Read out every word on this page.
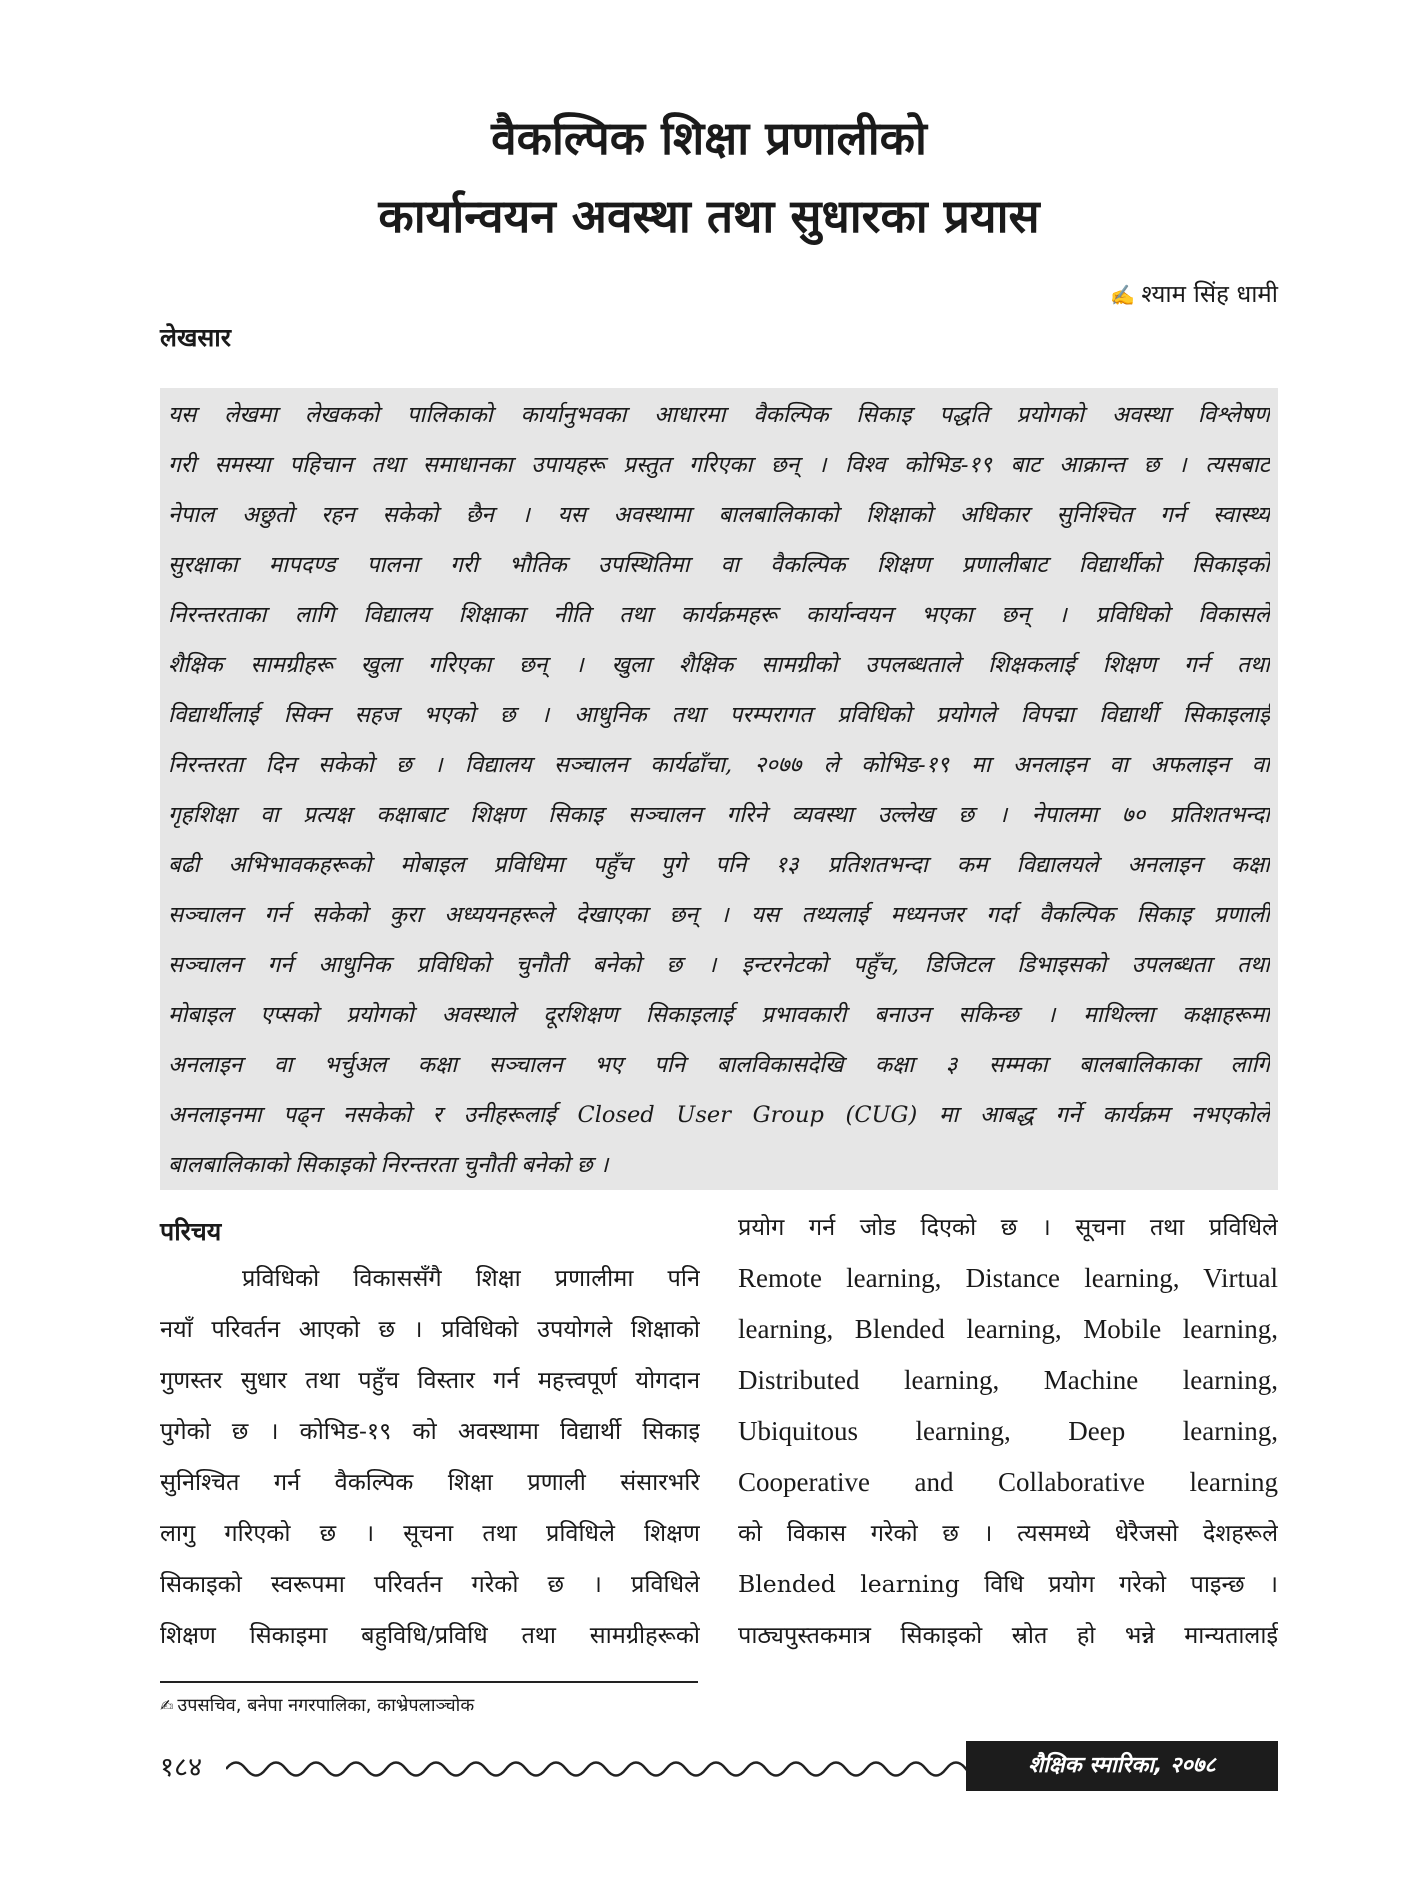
वैकल्पिक शिक्षा प्रणालीको
कार्यान्वयन अवस्था तथा सुधारका प्रयास
✍ श्याम सिंह धामी
लेखसार
यस लेखमा लेखकको पालिकाको कार्यानुभवका आधारमा वैकल्पिक सिकाइ पद्धति प्रयोगको अवस्था विश्लेषण
गरी समस्या पहिचान तथा समाधानका उपायहरू प्रस्तुत गरिएका छन् । विश्व कोभिड-१९ बाट आक्रान्त छ । त्यसबाट
नेपाल अछुतो रहन सकेको छैन । यस अवस्थामा बालबालिकाको शिक्षाको अधिकार सुनिश्चित गर्न स्वास्थ्य
सुरक्षाका मापदण्ड पालना गरी भौतिक उपस्थितिमा वा वैकल्पिक शिक्षण प्रणालीबाट विद्यार्थीको सिकाइको
निरन्तरताका लागि विद्यालय शिक्षाका नीति तथा कार्यक्रमहरू कार्यान्वयन भएका छन् । प्रविधिको विकासले
शैक्षिक सामग्रीहरू खुला गरिएका छन् । खुला शैक्षिक सामग्रीको उपलब्धताले शिक्षकलाई शिक्षण गर्न तथा
विद्यार्थीलाई सिक्न सहज भएको छ । आधुनिक तथा परम्परागत प्रविधिको प्रयोगले विपद्मा विद्यार्थी सिकाइलाई
निरन्तरता दिन सकेको छ । विद्यालय सञ्चालन कार्यढाँचा, २०७७ ले कोभिड-१९ मा अनलाइन वा अफलाइन वा
गृहशिक्षा वा प्रत्यक्ष कक्षाबाट शिक्षण सिकाइ सञ्चालन गरिने व्यवस्था उल्लेख छ । नेपालमा ७० प्रतिशतभन्दा
बढी अभिभावकहरूको मोबाइल प्रविधिमा पहुँच पुगे पनि १३ प्रतिशतभन्दा कम विद्यालयले अनलाइन कक्षा
सञ्चालन गर्न सकेको कुरा अध्ययनहरूले देखाएका छन् । यस तथ्यलाई मध्यनजर गर्दा वैकल्पिक सिकाइ प्रणाली
सञ्चालन गर्न आधुनिक प्रविधिको चुनौती बनेको छ । इन्टरनेटको पहुँच, डिजिटल डिभाइसको उपलब्धता तथा
मोबाइल एप्सको प्रयोगको अवस्थाले दूरशिक्षण सिकाइलाई प्रभावकारी बनाउन सकिन्छ । माथिल्ला कक्षाहरूमा
अनलाइन वा भर्चुअल कक्षा सञ्चालन भए पनि बालविकासदेखि कक्षा ३ सम्मका बालबालिकाका लागि
अनलाइनमा पढ्न नसकेको र उनीहरूलाई Closed User Group (CUG) मा आबद्ध गर्ने कार्यक्रम नभएकोले
बालबालिकाको सिकाइको निरन्तरता चुनौती बनेको छ ।
परिचय
प्रविधिको विकाससँगै शिक्षा प्रणालीमा पनि
नयाँ परिवर्तन आएको छ । प्रविधिको उपयोगले शिक्षाको
गुणस्तर सुधार तथा पहुँच विस्तार गर्न महत्त्वपूर्ण योगदान
पुगेको छ । कोभिड-१९ को अवस्थामा विद्यार्थी सिकाइ
सुनिश्चित गर्न वैकल्पिक शिक्षा प्रणाली संसारभरि
लागु गरिएको छ । सूचना तथा प्रविधिले शिक्षण
सिकाइको स्वरूपमा परिवर्तन गरेको छ । प्रविधिले
शिक्षण सिकाइमा बहुविधि/प्रविधि तथा सामग्रीहरूको
प्रयोग गर्न जोड दिएको छ । सूचना तथा प्रविधिले
Remote learning, Distance learning, Virtual
learning, Blended learning, Mobile learning,
Distributed learning, Machine learning,
Ubiquitous learning, Deep learning,
Cooperative and Collaborative learning
को विकास गरेको छ । त्यसमध्ये धेरैजसो देशहरूले
Blended learning विधि प्रयोग गरेको पाइन्छ ।
पाठ्यपुस्तकमात्र सिकाइको स्रोत हो भन्ने मान्यतालाई
✍ उपसचिव, बनेपा नगरपालिका, काभ्रेपलाञ्चोक
१८४	शैक्षिक स्मारिका, २०७८
